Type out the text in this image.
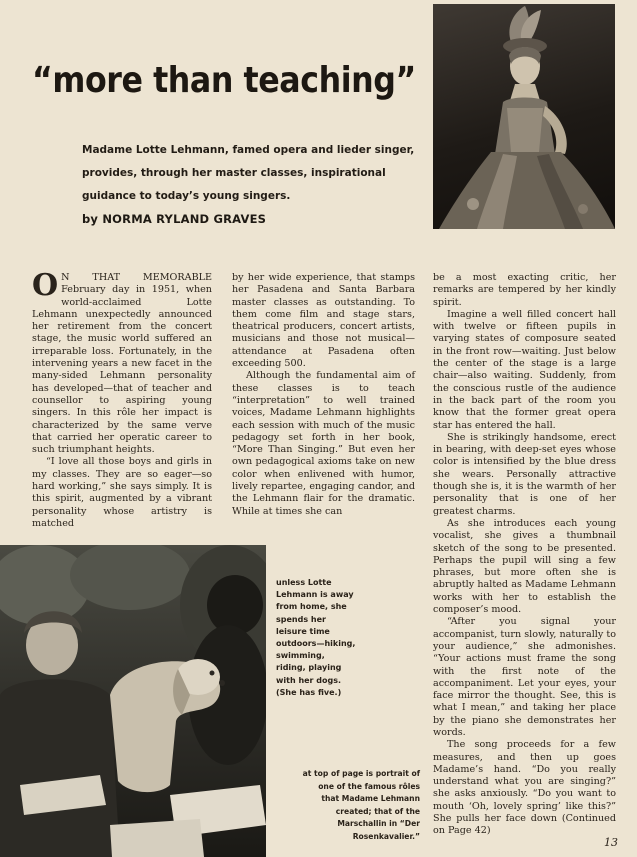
“more than teaching”

Madame Lotte Lehmann, famed opera and lieder singer, provides, through her master classes, inspirational guidance to today’s young singers.

by NORMA RYLAND GRAVES

O N THAT MEMORABLE February day in 1951, when world-acclaimed Lotte Lehmann unexpectedly announced her retirement from the concert stage, the music world suffered an irreparable loss. Fortunately, in the intervening years a new facet in the many-sided Lehmann personality has developed—that of teacher and counsellor to aspiring young singers. In this rôle her impact is characterized by the same verve that carried her operatic career to such triumphant heights.

“I love all those boys and girls in my classes. They are so eager—so hard working,” she says simply. It is this spirit, augmented by a vibrant personality whose artistry is matched

by her wide experience, that stamps her Pasadena and Santa Barbara master classes as outstanding. To them come film and stage stars, theatrical producers, concert artists, musicians and those not musical—attendance at Pasadena often exceeding 500.

Although the fundamental aim of these classes is to teach “interpretation” to well trained voices, Madame Lehmann highlights each session with much of the music pedagogy set forth in her book, “More Than Singing.” But even her own pedagogical axioms take on new color when enlivened with humor, lively repartee, engaging candor, and the Lehmann flair for the dramatic. While at times she can

be a most exacting critic, her remarks are tempered by her kindly spirit.

Imagine a well filled concert hall with twelve or fifteen pupils in varying states of composure seated in the front row—waiting. Just below the center of the stage is a large chair—also waiting. Suddenly, from the conscious rustle of the audience in the back part of the room you know that the former great opera star has entered the hall.

She is strikingly handsome, erect in bearing, with deep-set eyes whose color is intensified by the blue dress she wears. Personally attractive though she is, it is the warmth of her personality that is one of her greatest charms.

As she introduces each young vocalist, she gives a thumbnail sketch of the song to be presented. Perhaps the pupil will sing a few phrases, but more often she is abruptly halted as Madame Lehmann works with her to establish the composer’s mood.

“After you signal your accompanist, turn slowly, naturally to your audience,” she admonishes. “Your actions must frame the song with the first note of the accompaniment. Let your eyes, your face mirror the thought. See, this is what I mean,” and taking her place by the piano she demonstrates her words.

The song proceeds for a few measures, and then up goes Madame’s hand. “Do you really understand what you are singing?” she asks anxiously. “Do you want to mouth ‘Oh, lovely spring’ like this?” She pulls her face down (Continued on Page 42)

unless Lotte Lehmann is away from home, she spends her leisure time outdoors—hiking, swimming, riding, playing with her dogs. (She has five.)
at top of page is portrait of one of the famous rôles that Madame Lehmann created; that of the Marschallin in “Der Rosenkavalier.”	13
